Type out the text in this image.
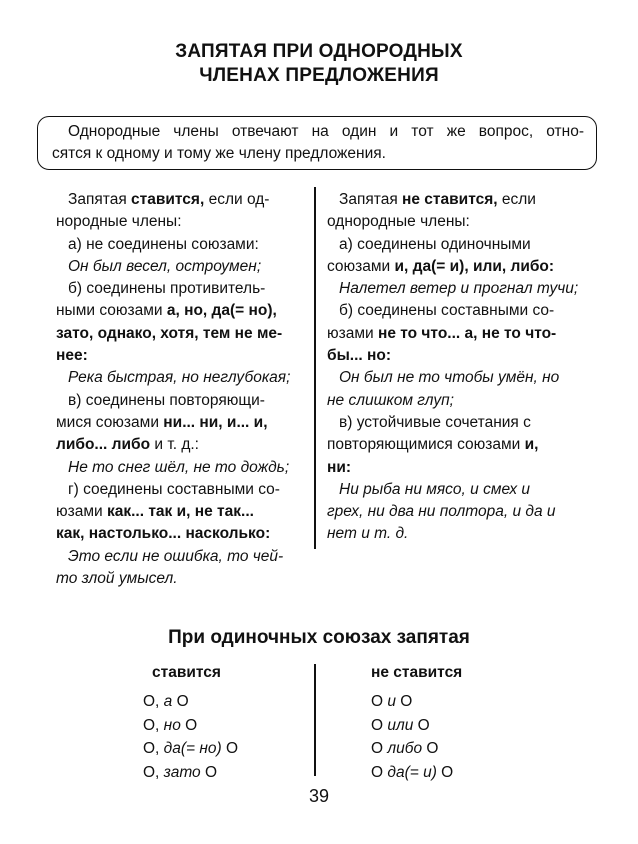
ЗАПЯТАЯ ПРИ ОДНОРОДНЫХ
ЧЛЕНАХ ПРЕДЛОЖЕНИЯ
Однородные члены отвечают на один и тот же вопрос, отно-
сятся к одному и тому же члену предложения.
Запятая ставится, если од-
нородные члены:
а) не соединены союзами:
Он был весел, остроумен;
б) соединены противитель-
ными союзами а, но, да(= но),
зато, однако, хотя, тем не ме-
нее:
Река быстрая, но неглубокая;
в) соединены повторяющи-
мися союзами ни... ни, и... и,
либо... либо и т. д.:
Не то снег шёл, не то дождь;
г) соединены составными со-
юзами как... так и, не так...
как, настолько... насколько:
Это если не ошибка, то чей-
то злой умысел.
Запятая не ставится, если
однородные члены:
а) соединены одиночными
союзами и, да(= и), или, либо:
Налетел ветер и прогнал тучи;
б) соединены составными со-
юзами не то что... а, не то что-
бы... но:
Он был не то чтобы умён, но
не слишком глуп;
в) устойчивые сочетания с
повторяющимися союзами и,
ни:
Ни рыба ни мясо, и смех и
грех, ни два ни полтора, и да и
нет и т. д.
При одиночных союзах запятая
ставится	не ставится
О, а О
О, но О
О, да(= но) О
О, зато О
О и О
О или О
О либо О
О да(= и) О
39
